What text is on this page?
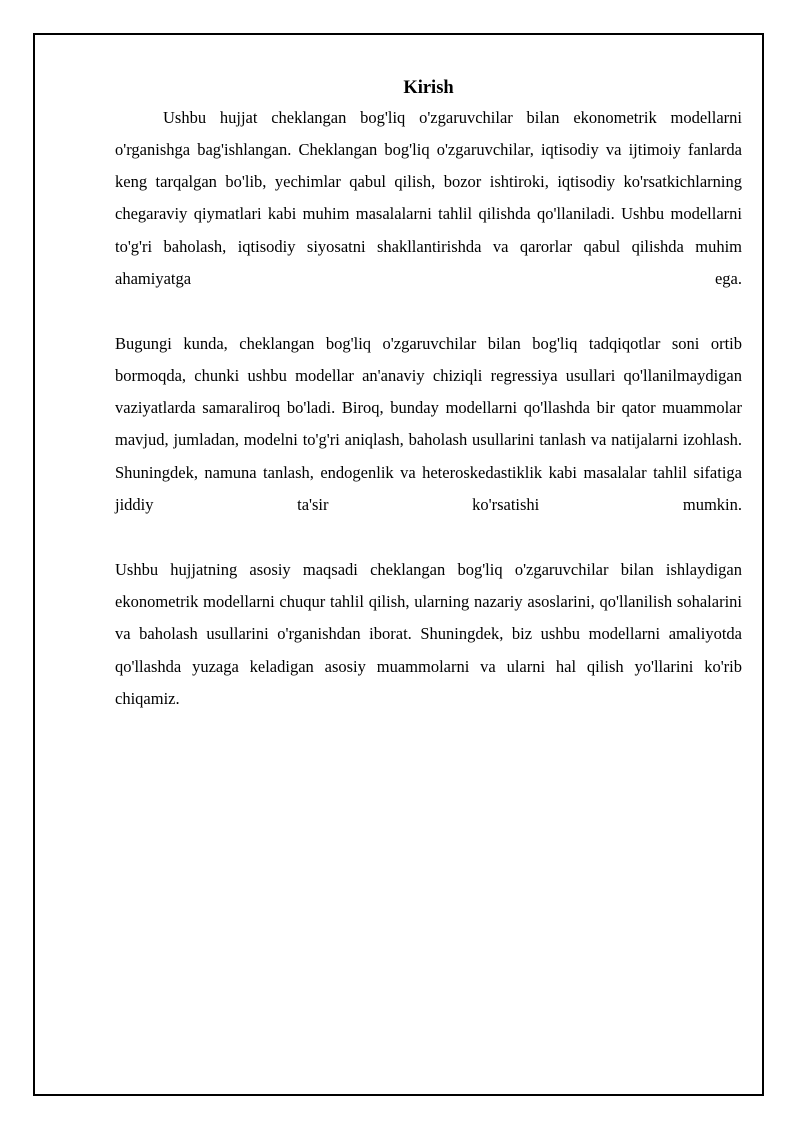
Kirish

Ushbu hujjat cheklangan bog'liq o'zgaruvchilar bilan ekonometrik modellarni o'rganishga bag'ishlangan. Cheklangan bog'liq o'zgaruvchilar, iqtisodiy va ijtimoiy fanlarda keng tarqalgan bo'lib, yechimlar qabul qilish, bozor ishtiroki, iqtisodiy ko'rsatkichlarning chegaraviy qiymatlari kabi muhim masalalarni tahlil qilishda qo'llaniladi. Ushbu modellarni to'g'ri baholash, iqtisodiy siyosatni shakllantirishda va qarorlar qabul qilishda muhim ahamiyatga ega.

Bugungi kunda, cheklangan bog'liq o'zgaruvchilar bilan bog'liq tadqiqotlar soni ortib bormoqda, chunki ushbu modellar an'anaviy chiziqli regressiya usullari qo'llanilmaydigan vaziyatlarda samaraliroq bo'ladi. Biroq, bunday modellarni qo'llashda bir qator muammolar mavjud, jumladan, modelni to'g'ri aniqlash, baholash usullarini tanlash va natijalarni izohlash. Shuningdek, namuna tanlash, endogenlik va heteroskedastiklik kabi masalalar tahlil sifatiga jiddiy ta'sir ko'rsatishi mumkin.

Ushbu hujjatning asosiy maqsadi cheklangan bog'liq o'zgaruvchilar bilan ishlaydigan ekonometrik modellarni chuqur tahlil qilish, ularning nazariy asoslarini, qo'llanilish sohalarini va baholash usullarini o'rganishdan iborat. Shuningdek, biz ushbu modellarni amaliyotda qo'llashda yuzaga keladigan asosiy muammolarni va ularni hal qilish yo'llarini ko'rib chiqamiz.
